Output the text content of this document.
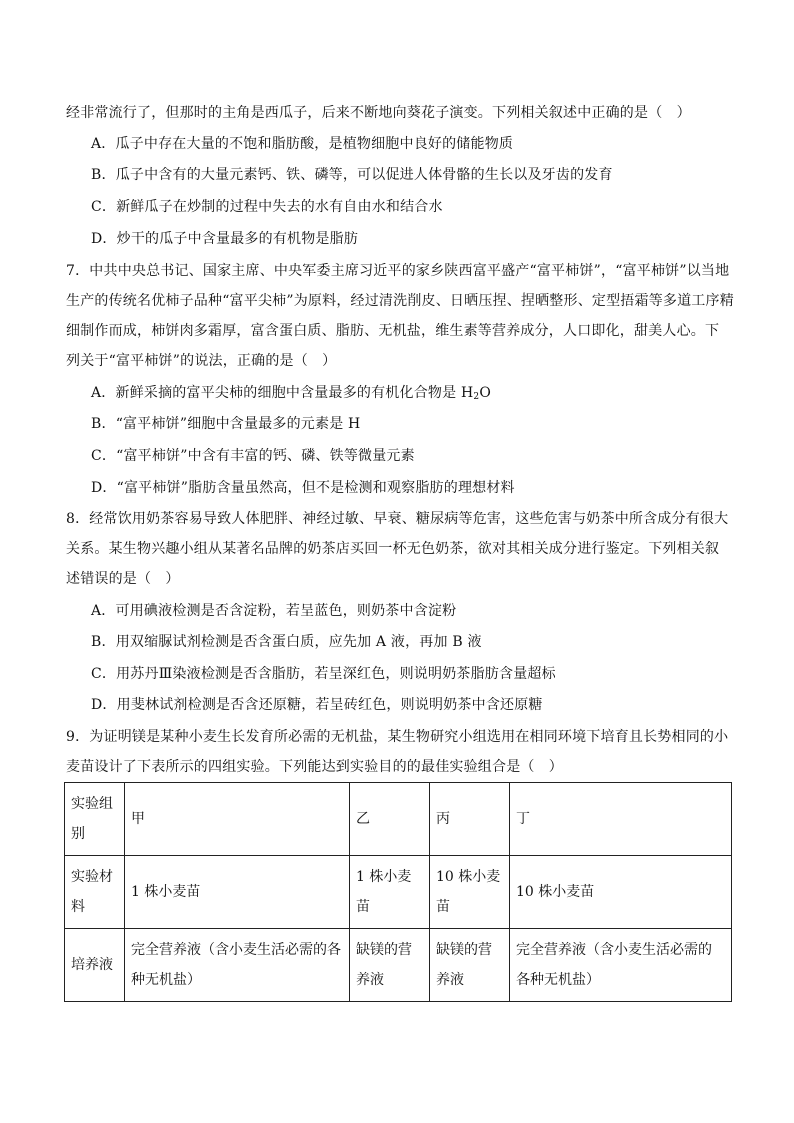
经非常流行了，但那时的主角是西瓜子，后来不断地向葵花子演变。下列相关叙述中正确的是（　）
A．瓜子中存在大量的不饱和脂肪酸，是植物细胞中良好的储能物质
B．瓜子中含有的大量元素钙、铁、磷等，可以促进人体骨骼的生长以及牙齿的发育
C．新鲜瓜子在炒制的过程中失去的水有自由水和结合水
D．炒干的瓜子中含量最多的有机物是脂肪
7．中共中央总书记、国家主席、中央军委主席习近平的家乡陕西富平盛产“富平柿饼”，“富平柿饼”以当地
生产的传统名优柿子品种“富平尖柿”为原料，经过清洗削皮、日晒压捏、捏晒整形、定型捂霜等多道工序精
细制作而成，柿饼肉多霜厚，富含蛋白质、脂肪、无机盐，维生素等营养成分，人口即化，甜美人心。下
列关于“富平柿饼”的说法，正确的是（　）
A．新鲜采摘的富平尖柿的细胞中含量最多的有机化合物是 $H_2O$
B．“富平柿饼”细胞中含量最多的元素是 H
C．“富平柿饼”中含有丰富的钙、磷、铁等微量元素
D．“富平柿饼”脂肪含量虽然高，但不是检测和观察脂肪的理想材料
8．经常饮用奶茶容易导致人体肥胖、神经过敏、早衰、糖尿病等危害，这些危害与奶茶中所含成分有很大
关系。某生物兴趣小组从某著名品牌的奶茶店买回一杯无色奶茶，欲对其相关成分进行鉴定。下列相关叙
述错误的是（　）
A．可用碘液检测是否含淀粉，若呈蓝色，则奶茶中含淀粉
B．用双缩脲试剂检测是否含蛋白质，应先加 A 液，再加 B 液
C．用苏丹Ⅲ染液检测是否含脂肪，若呈深红色，则说明奶茶脂肪含量超标
D．用斐林试剂检测是否含还原糖，若呈砖红色，则说明奶茶中含还原糖
9．为证明镁是某种小麦生长发育所必需的无机盐，某生物研究小组选用在相同环境下培育且长势相同的小
麦苗设计了下表所示的四组实验。下列能达到实验目的的最佳实验组合是（　）
实验组别	甲	乙	丙	丁
实验材料	1 株小麦苗	1 株小麦苗	10 株小麦苗	10 株小麦苗
培养液	完全营养液（含小麦生活必需的各种无机盐）	缺镁的营养液	缺镁的营养液	完全营养液（含小麦生活必需的各种无机盐）
